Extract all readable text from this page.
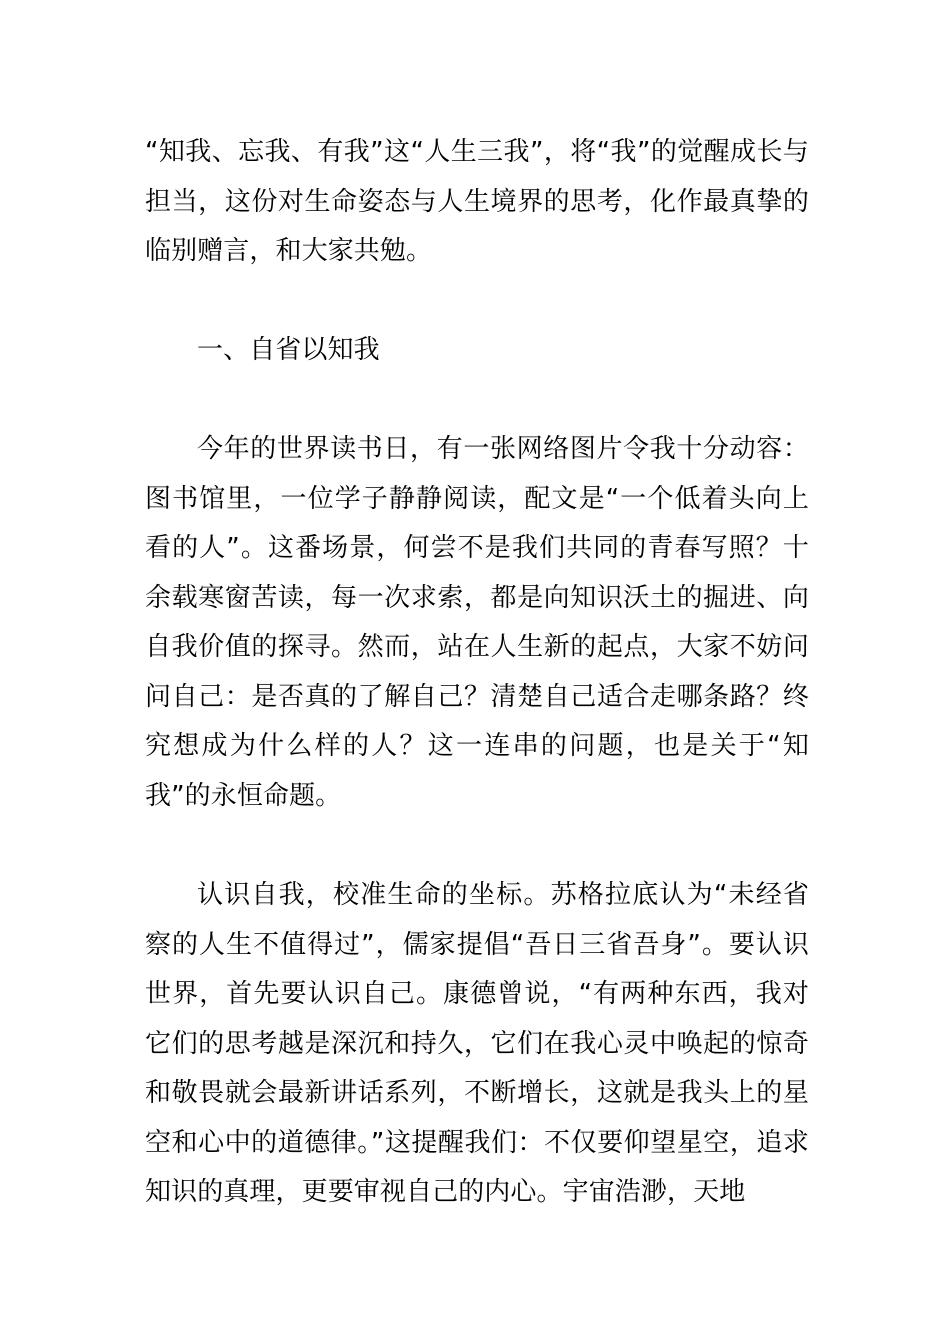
“知我、忘我、有我”这“人生三我”，将“我”的觉醒成长与担当，这份对生命姿态与人生境界的思考，化作最真挚的临别赠言，和大家共勉。

一、自省以知我

今年的世界读书日，有一张网络图片令我十分动容：图书馆里，一位学子静静阅读，配文是“一个低着头向上看的人”。这番场景，何尝不是我们共同的青春写照？十余载寒窗苦读，每一次求索，都是向知识沃土的掘进、向自我价值的探寻。然而，站在人生新的起点，大家不妨问问自己：是否真的了解自己？清楚自己适合走哪条路？终究想成为什么样的人？这一连串的问题，也是关于“知我”的永恒命题。

认识自我，校准生命的坐标。苏格拉底认为“未经省察的人生不值得过”，儒家提倡“吾日三省吾身”。要认识世界，首先要认识自己。康德曾说，“有两种东西，我对它们的思考越是深沉和持久，它们在我心灵中唤起的惊奇和敬畏就会最新讲话系列，不断增长，这就是我头上的星空和心中的道德律。”这提醒我们：不仅要仰望星空，追求知识的真理，更要审视自己的内心。宇宙浩渺，天地
